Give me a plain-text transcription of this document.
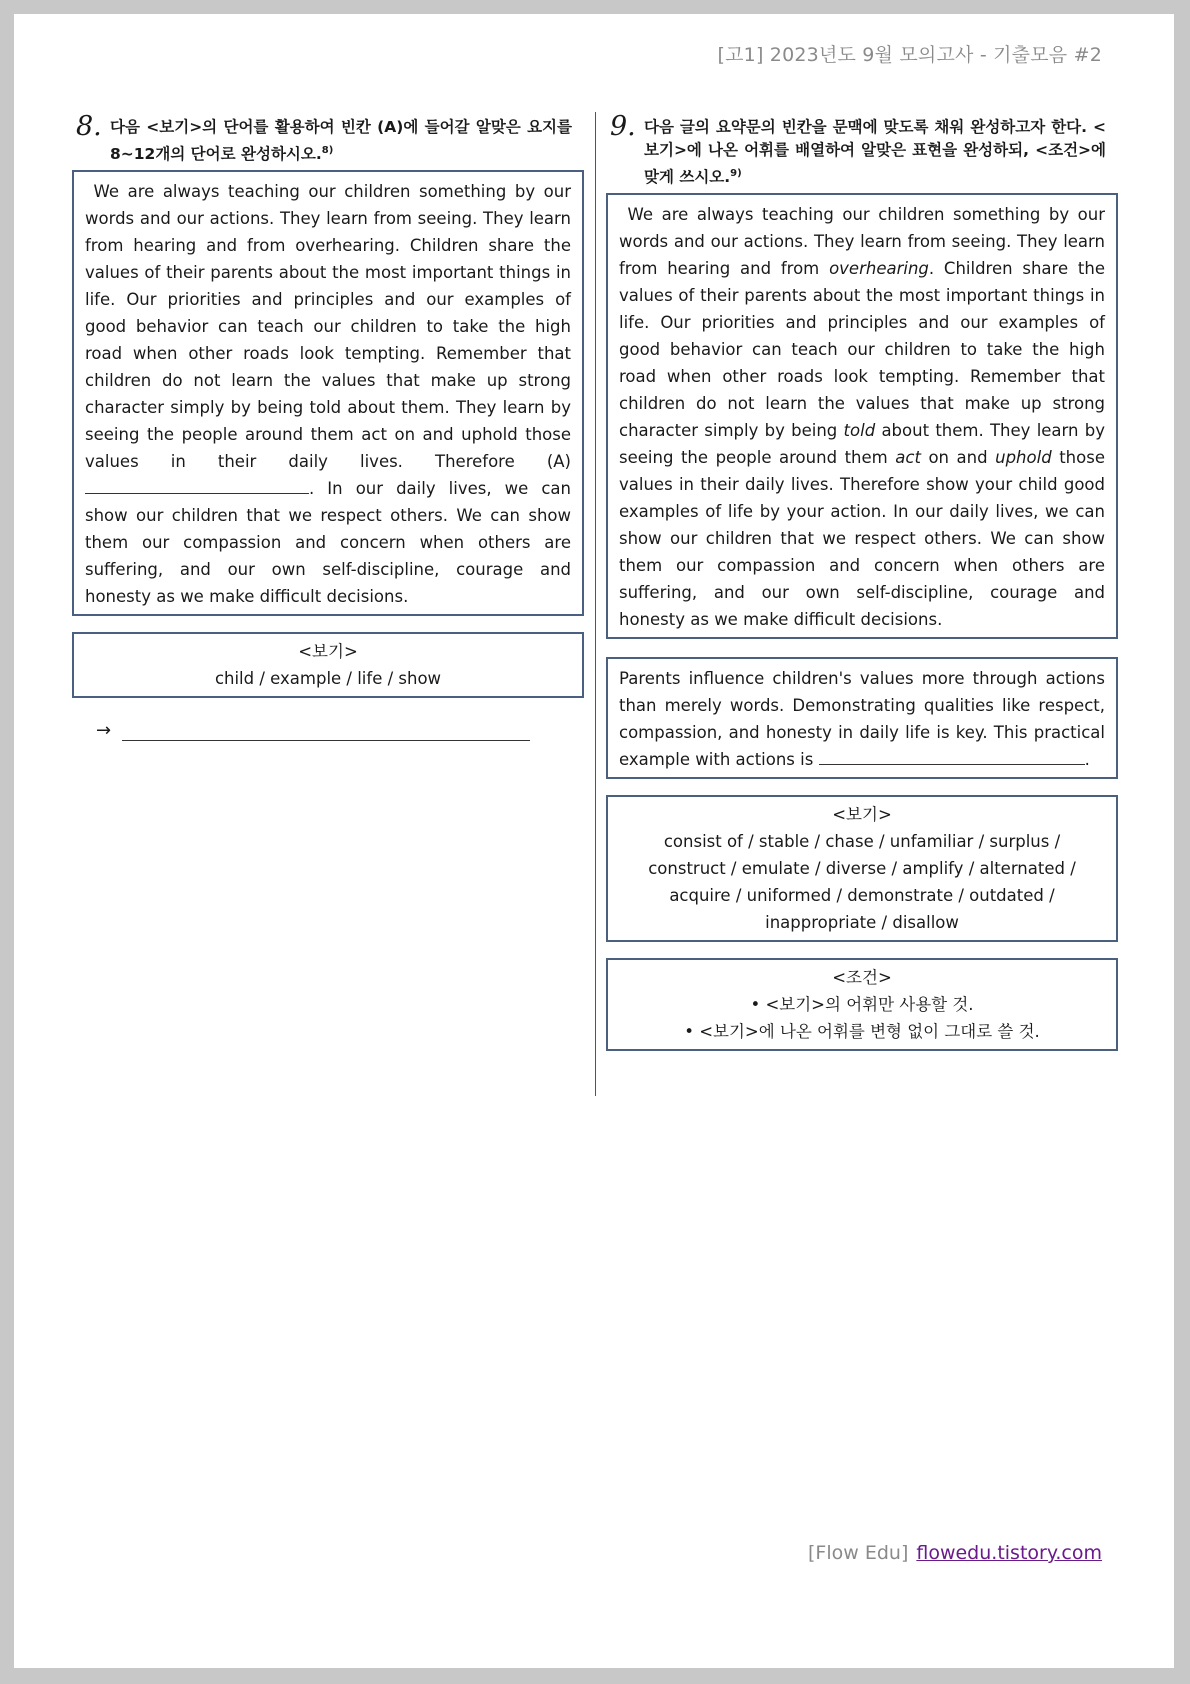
[고1] 2023년도 9월 모의고사 - 기출모음 #2
8. 다음 <보기>의 단어를 활용하여 빈칸 (A)에 들어갈 알맞은 요지를 8~12개의 단어로 완성하시오.$^{8)}$
We are always teaching our children something by our words and our actions. They learn from seeing. They learn from hearing and from overhearing. Children share the values of their parents about the most important things in life. Our priorities and principles and our examples of good behavior can teach our children to take the high road when other roads look tempting. Remember that children do not learn the values that make up strong character simply by being told about them. They learn by seeing the people around them act on and uphold those values in their daily lives. Therefore (A). In our daily lives, we can show our children that we respect others. We can show them our compassion and concern when others are suffering, and our own self-discipline, courage and honesty as we make difficult decisions.
<보기>
child / example / life / show
→
9. 다음 글의 요약문의 빈칸을 문맥에 맞도록 채워 완성하고자 한다. <보기>에 나온 어휘를 배열하여 알맞은 표현을 완성하되, <조건>에 맞게 쓰시오.$^{9)}$
We are always teaching our children something by our words and our actions. They learn from seeing. They learn from hearing and from overhearing. Children share the values of their parents about the most important things in life. Our priorities and principles and our examples of good behavior can teach our children to take the high road when other roads look tempting. Remember that children do not learn the values that make up strong character simply by being told about them. They learn by seeing the people around them act on and uphold those values in their daily lives. Therefore show your child good examples of life by your action. In our daily lives, we can show our children that we respect others. We can show them our compassion and concern when others are suffering, and our own self-discipline, courage and honesty as we make difficult decisions.
Parents influence children's values more through actions than merely words. Demonstrating qualities like respect, compassion, and honesty in daily life is key. This practical example with actions is	.
<보기>
consist of / stable / chase / unfamiliar / surplus /
construct / emulate / diverse / amplify / alternated /
acquire / uniformed / demonstrate / outdated /
inappropriate / disallow
<조건>
• <보기>의 어휘만 사용할 것.
• <보기>에 나온 어휘를 변형 없이 그대로 쓸 것.
[Flow Edu] flowedu.tistory.com
